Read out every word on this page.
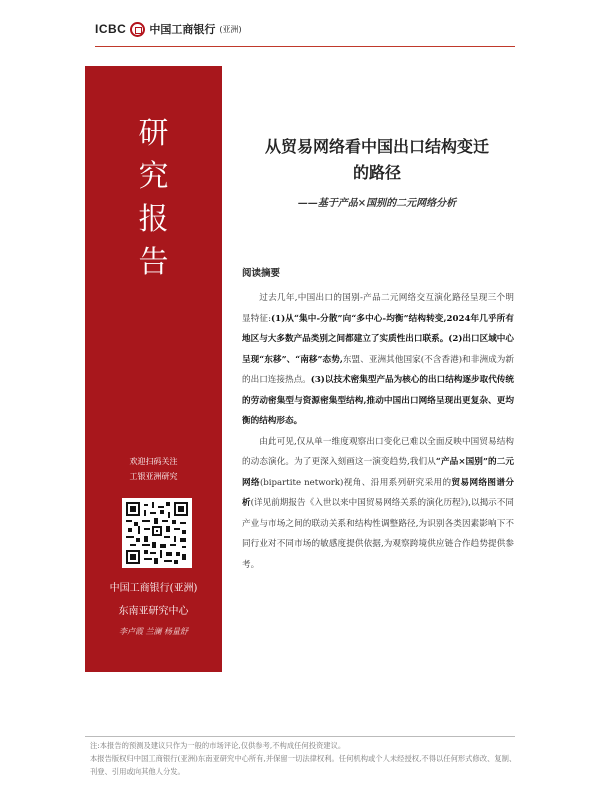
ICBC 中国工商银行 (亚洲)
研
究
报
告
欢迎扫码关注
工银亚洲研究
中国工商银行(亚洲)
东南亚研究中心
李卢霞 兰澜 杨量舒
从贸易网络看中国出口结构变迁
的路径
——基于产品×国别的二元网络分析
阅读摘要

过去几年,中国出口的国别-产品二元网络交互演化路径呈现三个明显特征:(1)从“集中-分散”向“多中心-均衡”结构转变,2024年几乎所有地区与大多数产品类别之间都建立了实质性出口联系。(2)出口区域中心呈现“东移”、“南移”态势,东盟、亚洲其他国家(不含香港)和非洲成为新的出口连接热点。(3)以技术密集型产品为核心的出口结构逐步取代传统的劳动密集型与资源密集型结构,推动中国出口网络呈现出更复杂、更均衡的结构形态。

由此可见,仅从单一维度观察出口变化已难以全面反映中国贸易结构的动态演化。为了更深入刻画这一演变趋势,我们从“产品×国别”的二元网络(bipartite network)视角、沿用系列研究采用的贸易网络图谱分析(详见前期报告《入世以来中国贸易网络关系的演化历程》),以揭示不同产业与市场之间的联动关系和结构性调整路径,为识别各类因素影响下不同行业对不同市场的敏感度提供依据,为观察跨境供应链合作趋势提供参考。

注:本报告的预测及建议只作为一般的市场评论,仅供参考,不构成任何投资建议。
本报告版权归中国工商银行(亚洲)东南亚研究中心所有,并保留一切法律权利。任何机构或个人未经授权,不得以任何形式修改、复制、刊登、引用或向其他人分发。
